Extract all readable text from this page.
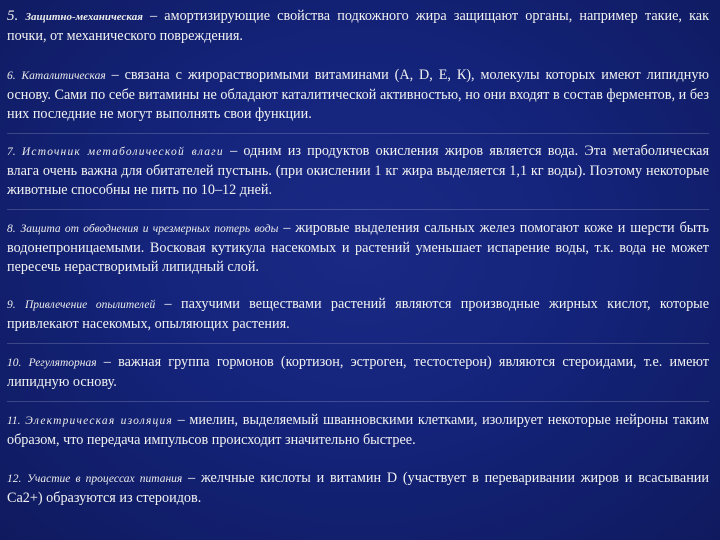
5. Защитно-механическая – амортизирующие свойства подкожного жира защищают органы, например такие, как почки, от механического повреждения.
6. Каталитическая – связана с жирорастворимыми витаминами (А, D, Е, К), молекулы которых имеют липидную основу. Сами по себе витамины не обладают каталитической активностью, но они входят в состав ферментов, и без них последние не могут выполнять свои функции.
7. Источник метаболической влаги – одним из продуктов окисления жиров является вода. Эта метаболическая влага очень важна для обитателей пустынь. (при окислении 1 кг жира выделяется 1,1 кг воды). Поэтому некоторые животные способны не пить по 10–12 дней.
8. Защита от обводнения и чрезмерных потерь воды – жировые выделения сальных желез помогают коже и шерсти быть водонепроницаемыми. Восковая кутикула насекомых и растений уменьшает испарение воды, т.к. вода не может пересечь нерастворимый липидный слой.
9. Привлечение опылителей – пахучими веществами растений являются производные жирных кислот, которые привлекают насекомых, опыляющих растения.
10. Регуляторная – важная группа гормонов (кортизон, эстроген, тестостерон) являются стероидами, т.е. имеют липидную основу.
11. Электрическая изоляция – миелин, выделяемый шванновскими клетками, изолирует некоторые нейроны таким образом, что передача импульсов происходит значительно быстрее.
12. Участие в процессах питания – желчные кислоты и витамин D (участвует в переваривании жиров и всасывании Са2+) образуются из стероидов.
